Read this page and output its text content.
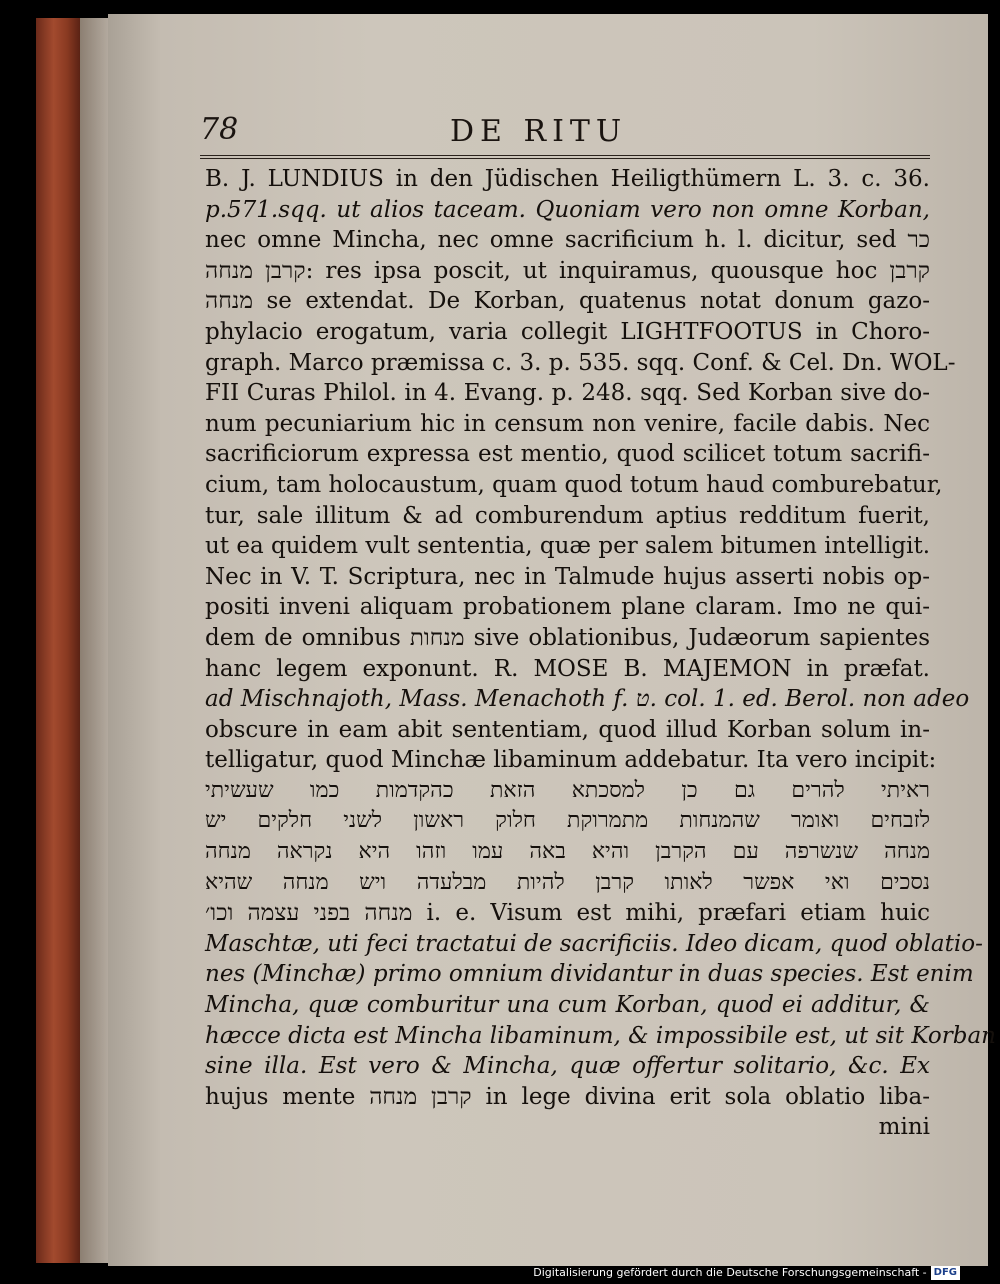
78	DE RITU
B. J. LUNDIUS in den Jüdischen Heiligthümern L. 3. c. 36.
p.571.sqq. ut alios taceam. Quoniam vero non omne Korban,
nec omne Mincha, nec omne sacrificium h. l. dicitur, sed כר
קרבן מנחה: res ipsa poscit, ut inquiramus, quousque hoc קרבן
מנחה se extendat. De Korban, quatenus notat donum gazo-
phylacio erogatum, varia collegit LIGHTFOOTUS in Choro-
graph. Marco præmissa c. 3. p. 535. sqq. Conf. & Cel. Dn. WOL-
FII Curas Philol. in 4. Evang. p. 248. sqq. Sed Korban sive do-
num pecuniarium hic in censum non venire, facile dabis. Nec
sacrificiorum expressa est mentio, quod scilicet totum sacrifi-
cium, tam holocaustum, quam quod totum haud comburebatur,
tur, sale illitum & ad comburendum aptius redditum fuerit,
ut ea quidem vult sententia, quæ per salem bitumen intelligit.
Nec in V. T. Scriptura, nec in Talmude hujus asserti nobis op-
positi inveni aliquam probationem plane claram. Imo ne qui-
dem de omnibus מנחות sive oblationibus, Judæorum sapientes
hanc legem exponunt. R. MOSE B. MAJEMON in præfat.
ad Mischnajoth, Mass. Menachoth f. ט. col. 1. ed. Berol. non adeo
obscure in eam abit sententiam, quod illud Korban solum in-
telligatur, quod Minchæ libaminum addebatur. Ita vero incipit:
ראיתי להרים גם כן למסכתא הזאת כהקדמות כמו שעשיתי
לזבחים ואומר שהמנחות מתמרוקת חלוק ראשון לשני חלקים יש
מנחה שנשרפה עם הקרבן והיא באה עמו וזהו היא נקראה מנחה
נסכים ואי אפשר לאותו קרבן להיות מבלעדה ויש מנחה שהיא
מנחה בפני עצמה וכו׳ i. e. Visum est mihi, præfari etiam huic
Maschtæ, uti feci tractatui de sacrificiis. Ideo dicam, quod oblatio-
nes (Minchæ) primo omnium dividantur in duas species. Est enim
Mincha, quæ comburitur una cum Korban, quod ei additur, &
hæcce dicta est Mincha libaminum, & impossibile est, ut sit Korban
sine illa. Est vero & Mincha, quæ offertur solitario, &c. Ex
hujus mente קרבן מנחה in lege divina erit sola oblatio liba-
mini
Digitalisierung gefördert durch die Deutsche Forschungsgemeinschaft - DFG
